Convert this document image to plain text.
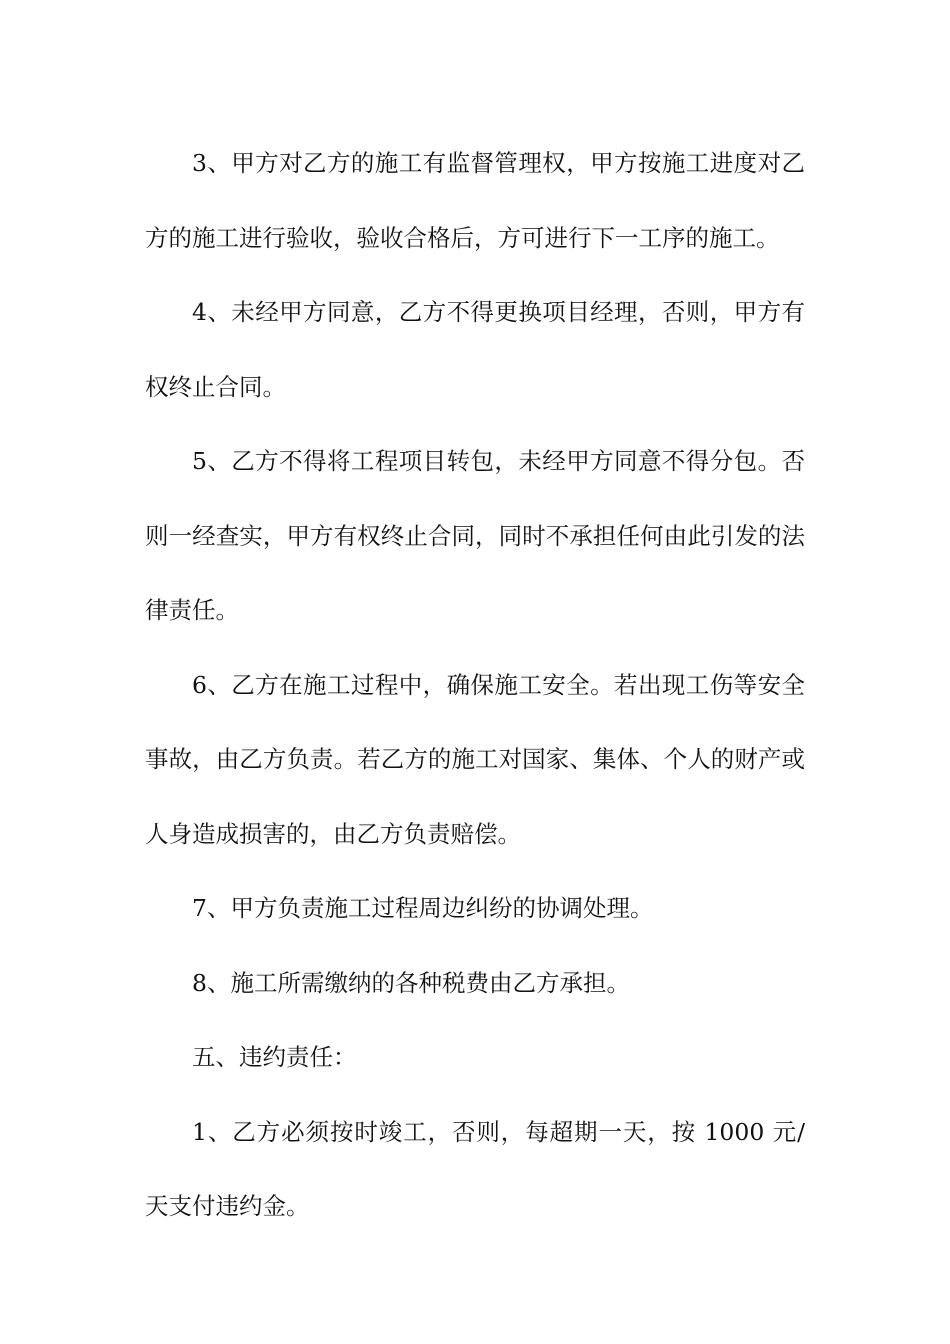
3、甲方对乙方的施工有监督管理权，甲方按施工进度对乙方的施工进行验收，验收合格后，方可进行下一工序的施工。

4、未经甲方同意，乙方不得更换项目经理，否则，甲方有权终止合同。

5、乙方不得将工程项目转包，未经甲方同意不得分包。否则一经查实，甲方有权终止合同，同时不承担任何由此引发的法律责任。

6、乙方在施工过程中，确保施工安全。若出现工伤等安全事故，由乙方负责。若乙方的施工对国家、集体、个人的财产或人身造成损害的，由乙方负责赔偿。

7、甲方负责施工过程周边纠纷的协调处理。

8、施工所需缴纳的各种税费由乙方承担。

五、违约责任：

1、乙方必须按时竣工，否则，每超期一天，按 1000 元/天支付违约金。
